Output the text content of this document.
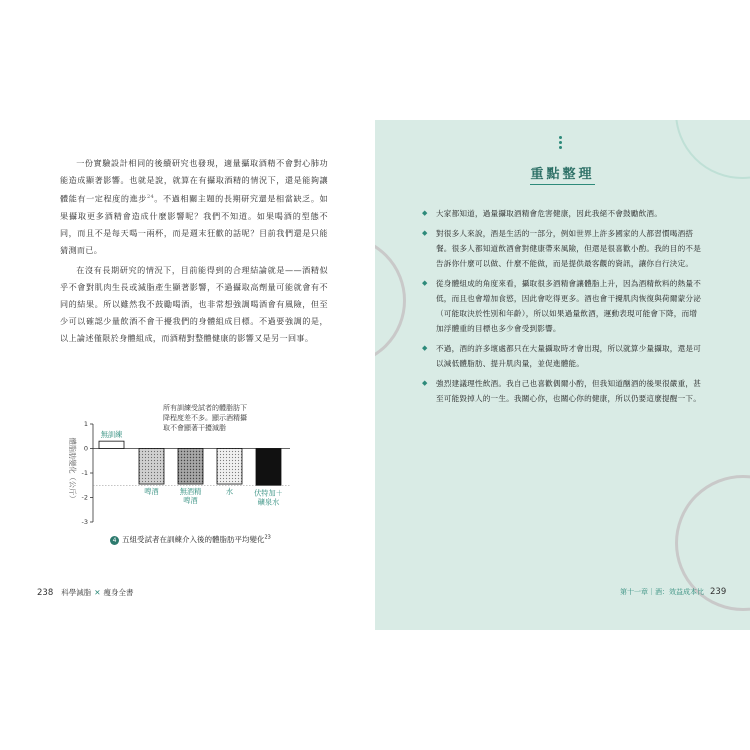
一份實驗設計相同的後續研究也發現，適量攝取酒精不會對心肺功能造成顯著影響。也就是說，就算在有攝取酒精的情況下，還是能夠讓體能有一定程度的進步$^{24}$。不過相關主題的長期研究還是相當缺乏。如果攝取更多酒精會造成什麼影響呢？我們不知道。如果喝酒的型態不同，而且不是每天喝一兩杯，而是週末狂歡的話呢？目前我們還是只能猜測而已。

在沒有長期研究的情況下，目前能得到的合理結論就是——酒精似乎不會對肌肉生長或減脂產生顯著影響，不過攝取高劑量可能就會有不同的結果。所以雖然我不鼓勵喝酒，也非常想強調喝酒會有風險，但至少可以確認少量飲酒不會干擾我們的身體組成目標。不過要強調的是，以上論述僅限於身體組成，而酒精對整體健康的影響又是另一回事。

1
0
-1
-2
-3
體脂肪變化（公斤）
無訓練
啤酒	無酒精
啤酒
水	伏特加＋
礦泉水
所有訓練受試者的體脂肪下
降程度差不多。顯示酒精攝
取不會顯著干擾減脂
4 五組受試者在訓練介入後的體脂肪平均變化$^{23}$
238 科學減脂 ✕ 瘦身全書

重點整理

◆ 大家都知道，過量攝取酒精會危害健康，因此我絕不會鼓勵飲酒。
◆ 對很多人來說，酒是生活的一部分，例如世界上許多國家的人都習慣喝酒搭餐。很多人都知道飲酒會對健康帶來風險，但還是很喜歡小酌。我的目的不是告訴你什麼可以做、什麼不能做，而是提供最客觀的資訊，讓你自行決定。
◆ 從身體組成的角度來看，攝取很多酒精會讓體脂上升，因為酒精飲料的熱量不低，而且也會增加食慾，因此會吃得更多。酒也會干擾肌肉恢復與荷爾蒙分泌（可能取決於性別和年齡），所以如果過量飲酒，運動表現可能會下降，而增加浮體重的目標也多少會受到影響。
◆ 不過，酒的許多壞處都只在大量攝取時才會出現，所以就算少量攝取，還是可以減低體脂肪、提升肌肉量，並促進體能。
◆ 強烈建議理性飲酒。我自己也喜歡偶爾小酌，但我知道酗酒的後果很嚴重，甚至可能毀掉人的一生。我關心你，也關心你的健康，所以仍要這麼提醒一下。
第十一章｜酒：效益成本比 239
